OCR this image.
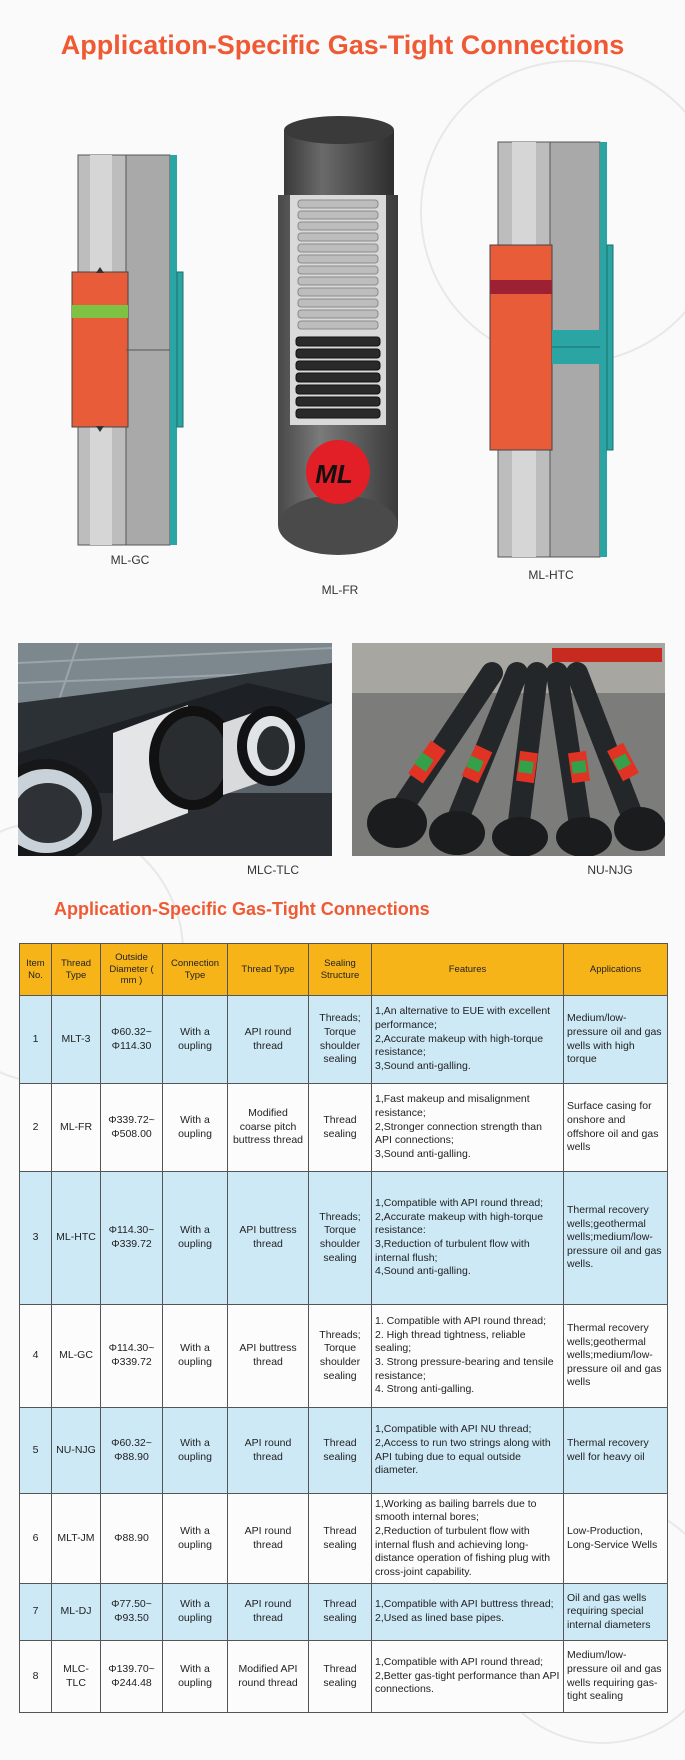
Application-Specific Gas-Tight Connections
ML-GC
ML
ML-FR
ML-HTC
MLC-TLC	NU-NJG
Application-Specific Gas-Tight Connections
Item No.	Thread Type	Outside Diameter ( mm )	Connection Type	Thread Type	Sealing Structure	Features	Applications
1	MLT-3	Φ60.32~ Φ114.30	With a oupling	API round thread	Threads; Torque shoulder sealing	1,An alternative to EUE with excellent performance;
2,Accurate makeup with high-torque resistance;
3,Sound anti-galling.	Medium/low-pressure oil and gas wells with high torque
2	ML-FR	Φ339.72~ Φ508.00	With a oupling	Modified coarse pitch buttress thread	Thread sealing	1,Fast makeup and misalignment resistance;
2,Stronger connection strength than API connections;
3,Sound anti-galling.	Surface casing for onshore and offshore oil and gas wells
3	ML-HTC	Φ114.30~ Φ339.72	With a oupling	API buttress thread	Threads; Torque shoulder sealing	1,Compatible with API round thread;
2,Accurate makeup with high-torque resistance:
3,Reduction of turbulent flow with internal flush;
4,Sound anti-galling.	Thermal recovery wells;geothermal wells;medium/low-pressure oil and gas wells.
4	ML-GC	Φ114.30~ Φ339.72	With a oupling	API buttress thread	Threads; Torque shoulder sealing	1. Compatible with API round thread;
2. High thread tightness, reliable sealing;
3. Strong pressure-bearing and tensile resistance;
4. Strong anti-galling.	Thermal recovery wells;geothermal wells;medium/low-pressure oil and gas wells
5	NU-NJG	Φ60.32~ Φ88.90	With a oupling	API round thread	Thread sealing	1,Compatible with API NU thread;
2,Access to run two strings along with API tubing due to equal outside diameter.	Thermal recovery well for heavy oil
6	MLT-JM	Φ88.90	With a oupling	API round thread	Thread sealing	1,Working as bailing barrels due to smooth internal bores;
2,Reduction of turbulent flow with internal flush and achieving long-distance operation of fishing plug with cross-joint capability.	Low-Production, Long-Service Wells
7	ML-DJ	Φ77.50~ Φ93.50	With a oupling	API round thread	Thread sealing	1,Compatible with API buttress thread;
2,Used as lined base pipes.	Oil and gas wells requiring special internal diameters
8	MLC-TLC	Φ139.70~ Φ244.48	With a oupling	Modified API round thread	Thread sealing	1,Compatible with API round thread;
2,Better gas-tight performance than API connections.	Medium/low-pressure oil and gas wells requiring gas-tight sealing
